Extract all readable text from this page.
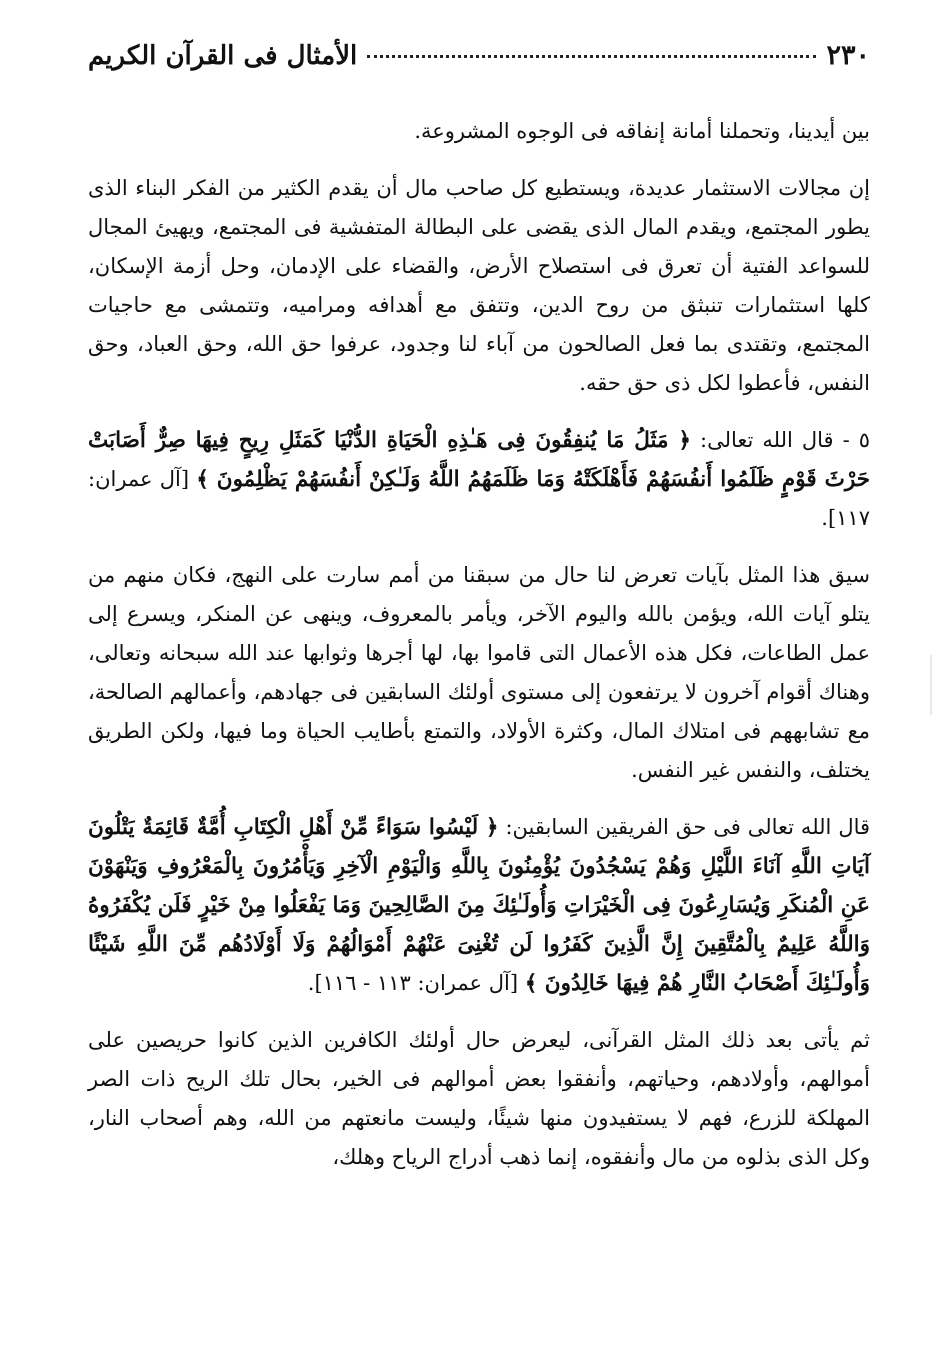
٢٣٠
الأمثال فى القرآن الكريم

بين أيدينا، وتحملنا أمانة إنفاقه فى الوجوه المشروعة.

إن مجالات الاستثمار عديدة، ويستطيع كل صاحب مال أن يقدم الكثير من الفكر البناء الذى يطور المجتمع، ويقدم المال الذى يقضى على البطالة المتفشية فى المجتمع، ويهيئ المجال للسواعد الفتية أن تعرق فى استصلاح الأرض، والقضاء على الإدمان، وحل أزمة الإسكان، كلها استثمارات تنبثق من روح الدين، وتتفق مع أهدافه ومراميه، وتتمشى مع حاجيات المجتمع، وتقتدى بما فعل الصالحون من آباء لنا وجدود، عرفوا حق الله، وحق العباد، وحق النفس، فأعطوا لكل ذى حق حقه.

٥ - قال الله تعالى: ﴿ مَثَلُ مَا يُنفِقُونَ فِى هَـٰذِهِ الْحَيَاةِ الدُّنْيَا كَمَثَلِ رِيحٍ فِيهَا صِرٌّ أَصَابَتْ حَرْثَ قَوْمٍ ظَلَمُوا أَنفُسَهُمْ فَأَهْلَكَتْهُ وَمَا ظَلَمَهُمُ اللَّهُ وَلَـٰكِنْ أَنفُسَهُمْ يَظْلِمُونَ ﴾ [آل عمران: ١١٧].

سيق هذا المثل بآيات تعرض لنا حال من سبقنا من أمم سارت على النهج، فكان منهم من يتلو آيات الله، ويؤمن بالله واليوم الآخر، ويأمر بالمعروف، وينهى عن المنكر، ويسرع إلى عمل الطاعات، فكل هذه الأعمال التى قاموا بها، لها أجرها وثوابها عند الله سبحانه وتعالى، وهناك أقوام آخرون لا يرتفعون إلى مستوى أولئك السابقين فى جهادهم، وأعمالهم الصالحة، مع تشابههم فى امتلاك المال، وكثرة الأولاد، والتمتع بأطايب الحياة وما فيها، ولكن الطريق يختلف، والنفس غير النفس.

قال الله تعالى فى حق الفريقين السابقين: ﴿ لَيْسُوا سَوَاءً مِّنْ أَهْلِ الْكِتَابِ أُمَّةٌ قَائِمَةٌ يَتْلُونَ آيَاتِ اللَّهِ آنَاءَ اللَّيْلِ وَهُمْ يَسْجُدُونَ يُؤْمِنُونَ بِاللَّهِ وَالْيَوْمِ الْآخِرِ وَيَأْمُرُونَ بِالْمَعْرُوفِ وَيَنْهَوْنَ عَنِ الْمُنكَرِ وَيُسَارِعُونَ فِى الْخَيْرَاتِ وَأُولَـٰئِكَ مِنَ الصَّالِحِينَ وَمَا يَفْعَلُوا مِنْ خَيْرٍ فَلَن يُكْفَرُوهُ وَاللَّهُ عَلِيمٌ بِالْمُتَّقِينَ إِنَّ الَّذِينَ كَفَرُوا لَن تُغْنِىَ عَنْهُمْ أَمْوَالُهُمْ وَلَا أَوْلَادُهُم مِّنَ اللَّهِ شَيْئًا وَأُولَـٰئِكَ أَصْحَابُ النَّارِ هُمْ فِيهَا خَالِدُونَ ﴾ [آل عمران: ١١٣ - ١١٦].

ثم يأتى بعد ذلك المثل القرآنى، ليعرض حال أولئك الكافرين الذين كانوا حريصين على أموالهم، وأولادهم، وحياتهم، وأنفقوا بعض أموالهم فى الخير، بحال تلك الريح ذات الصر المهلكة للزرع، فهم لا يستفيدون منها شيئًا، وليست مانعتهم من الله، وهم أصحاب النار، وكل الذى بذلوه من مال وأنفقوه، إنما ذهب أدراج الرياح وهلك،
